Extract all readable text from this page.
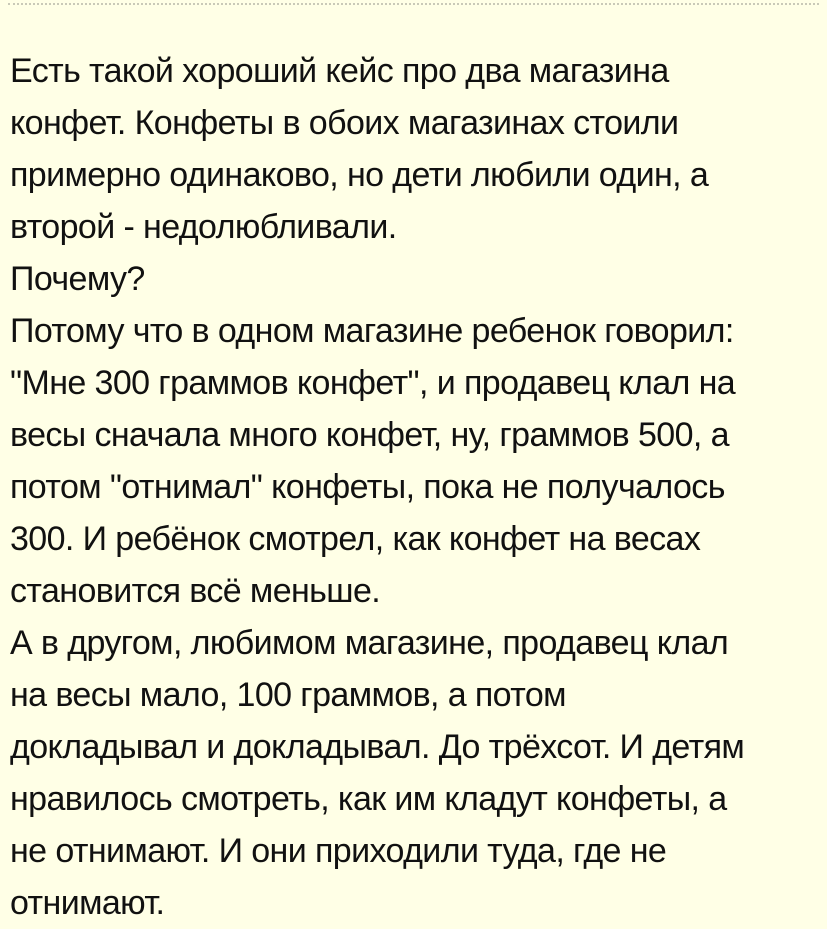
Есть такой хороший кейс про два магазина
конфет. Конфеты в обоих магазинах стоили
примерно одинаково, но дети любили один, а
второй - недолюбливали.
Почему?
Потому что в одном магазине ребенок говорил:
"Мне 300 граммов конфет", и продавец клал на
весы сначала много конфет, ну, граммов 500, а
потом "отнимал" конфеты, пока не получалось
300. И ребёнок смотрел, как конфет на весах
становится всё меньше.
А в другом, любимом магазине, продавец клал
на весы мало, 100 граммов, а потом
докладывал и докладывал. До трёхсот. И детям
нравилось смотреть, как им кладут конфеты, а
не отнимают. И они приходили туда, где не
отнимают.
